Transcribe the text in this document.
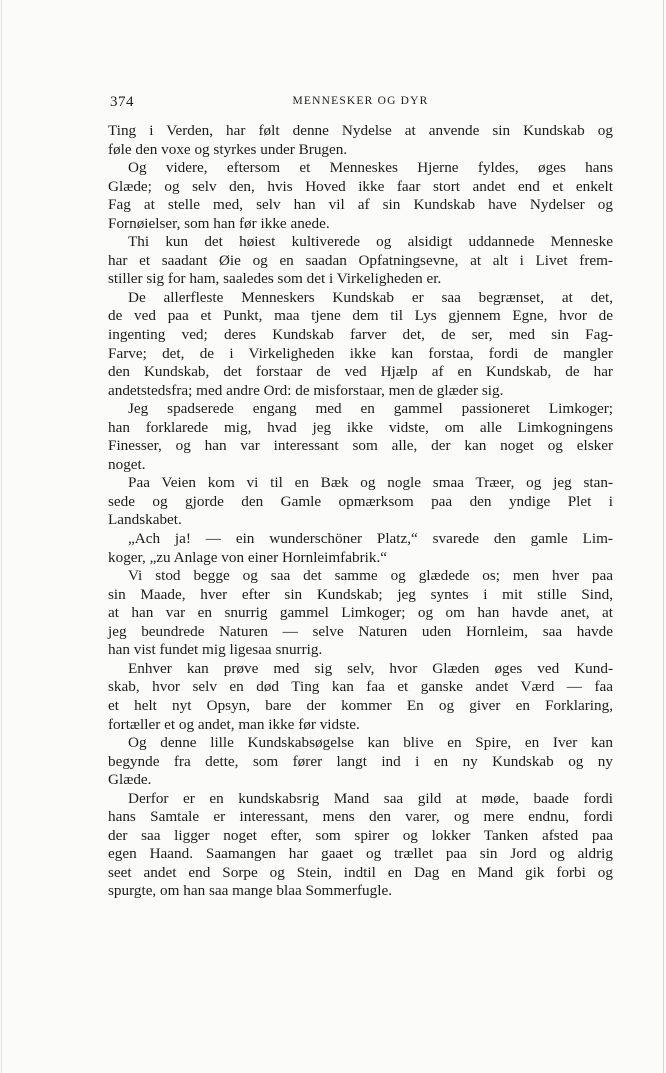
374	MENNESKER OG DYR
Ting i Verden, har følt denne Nydelse at anvende sin Kundskab og
føle den voxe og styrkes under Brugen.
Og videre, eftersom et Menneskes Hjerne fyldes, øges hans
Glæde; og selv den, hvis Hoved ikke faar stort andet end et enkelt
Fag at stelle med, selv han vil af sin Kundskab have Nydelser og
Fornøielser, som han før ikke anede.
Thi kun det høiest kultiverede og alsidigt uddannede Menneske
har et saadant Øie og en saadan Opfatningsevne, at alt i Livet frem-
stiller sig for ham, saaledes som det i Virkeligheden er.
De allerfleste Menneskers Kundskab er saa begrænset, at det,
de ved paa et Punkt, maa tjene dem til Lys gjennem Egne, hvor de
ingenting ved; deres Kundskab farver det, de ser, med sin Fag-
Farve; det, de i Virkeligheden ikke kan forstaa, fordi de mangler
den Kundskab, det forstaar de ved Hjælp af en Kundskab, de har
andetstedsfra; med andre Ord: de misforstaar, men de glæder sig.
Jeg spadserede engang med en gammel passioneret Limkoger;
han forklarede mig, hvad jeg ikke vidste, om alle Limkogningens
Finesser, og han var interessant som alle, der kan noget og elsker
noget.
Paa Veien kom vi til en Bæk og nogle smaa Træer, og jeg stan-
sede og gjorde den Gamle opmærksom paa den yndige Plet i
Landskabet.
„Ach ja! — ein wunderschöner Platz,“ svarede den gamle Lim-
koger, „zu Anlage von einer Hornleimfabrik.“
Vi stod begge og saa det samme og glædede os; men hver paa
sin Maade, hver efter sin Kundskab; jeg syntes i mit stille Sind,
at han var en snurrig gammel Limkoger; og om han havde anet, at
jeg beundrede Naturen — selve Naturen uden Hornleim, saa havde
han vist fundet mig ligesaa snurrig.
Enhver kan prøve med sig selv, hvor Glæden øges ved Kund-
skab, hvor selv en død Ting kan faa et ganske andet Værd — faa
et helt nyt Opsyn, bare der kommer En og giver en Forklaring,
fortæller et og andet, man ikke før vidste.
Og denne lille Kundskabsøgelse kan blive en Spire, en Iver kan
begynde fra dette, som fører langt ind i en ny Kundskab og ny
Glæde.
Derfor er en kundskabsrig Mand saa gild at møde, baade fordi
hans Samtale er interessant, mens den varer, og mere endnu, fordi
der saa ligger noget efter, som spirer og lokker Tanken afsted paa
egen Haand. Saamangen har gaaet og trællet paa sin Jord og aldrig
seet andet end Sorpe og Stein, indtil en Dag en Mand gik forbi og
spurgte, om han saa mange blaa Sommerfugle.
